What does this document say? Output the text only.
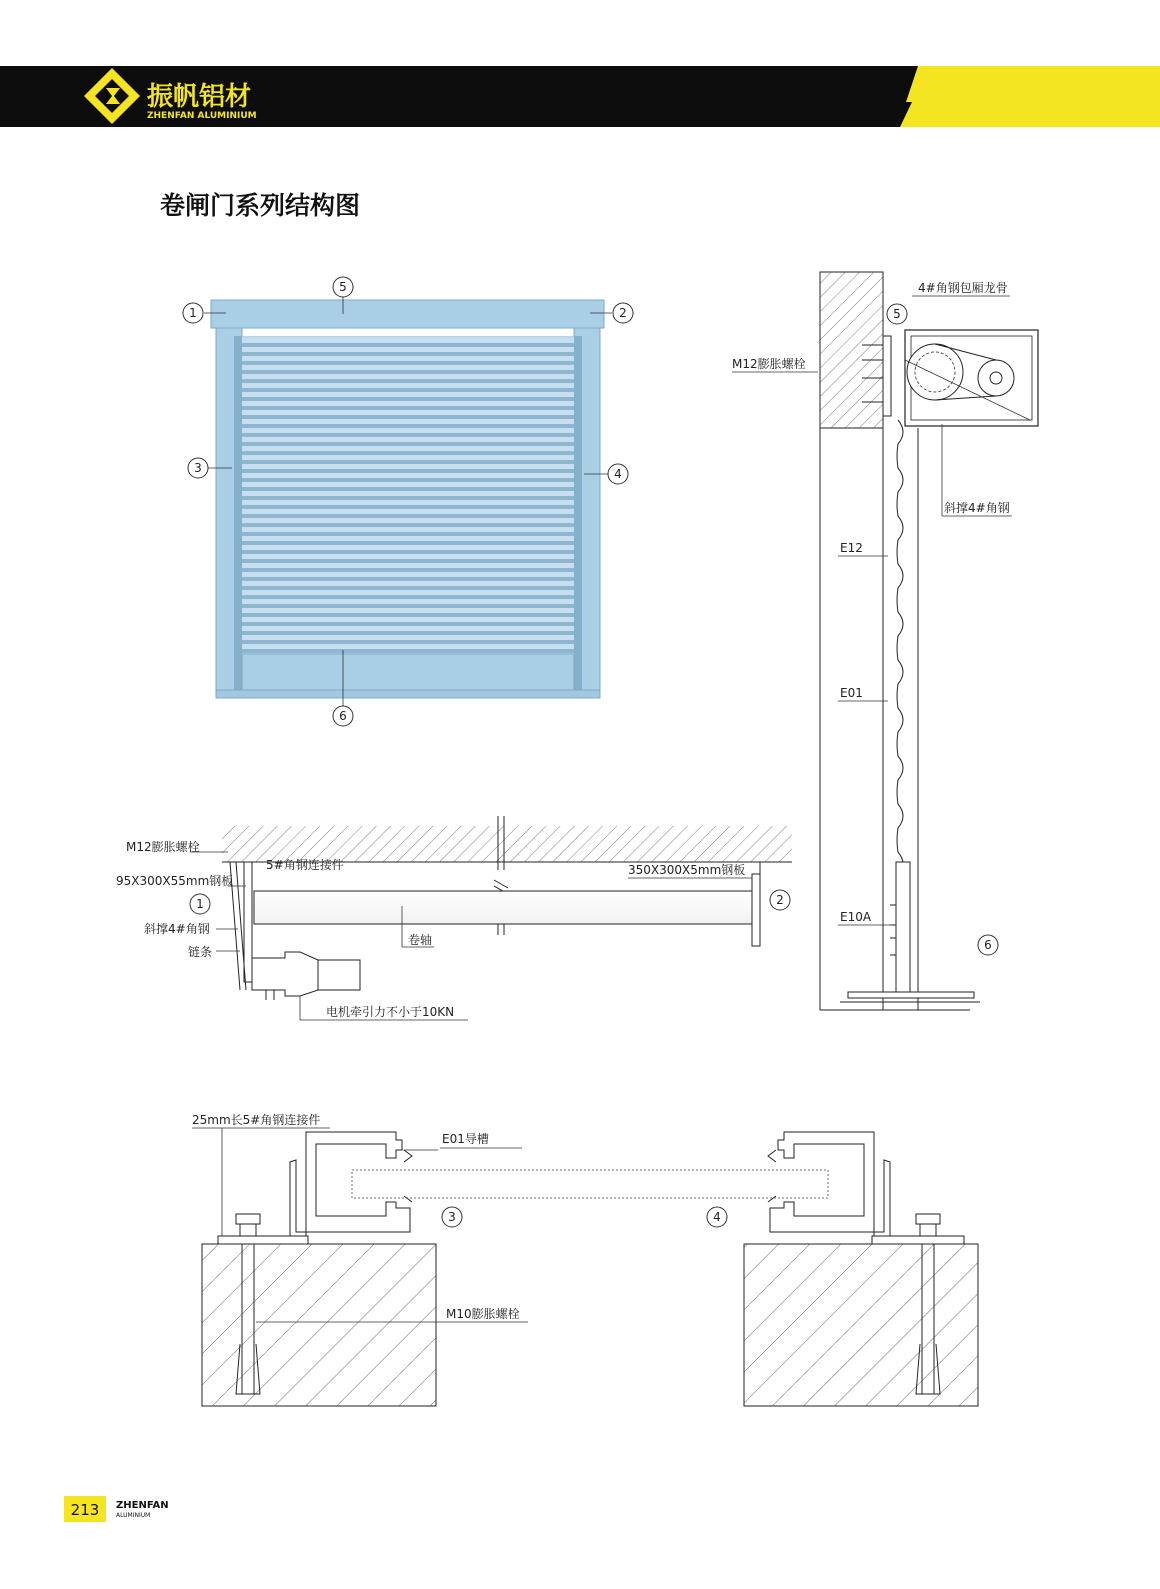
振帆铝材
ZHENFAN ALUMINIUM
卷闸门系列结构图
1	2
3	4
5
6
4#角钢包厢龙骨
5
M12膨胀螺栓
斜撑4#角钢
E12
E01
E10A
6
M12膨胀螺栓
5#角钢连接件
95X300X55mm钢板
1
斜撑4#角钢
链条
350X300X5mm钢板
2
卷轴
电机牵引力不小于10KN
25mm长5#角钢连接件
E01导槽
3	4
M10膨胀螺栓
213 ZHENFAN
ALUMINIUM
